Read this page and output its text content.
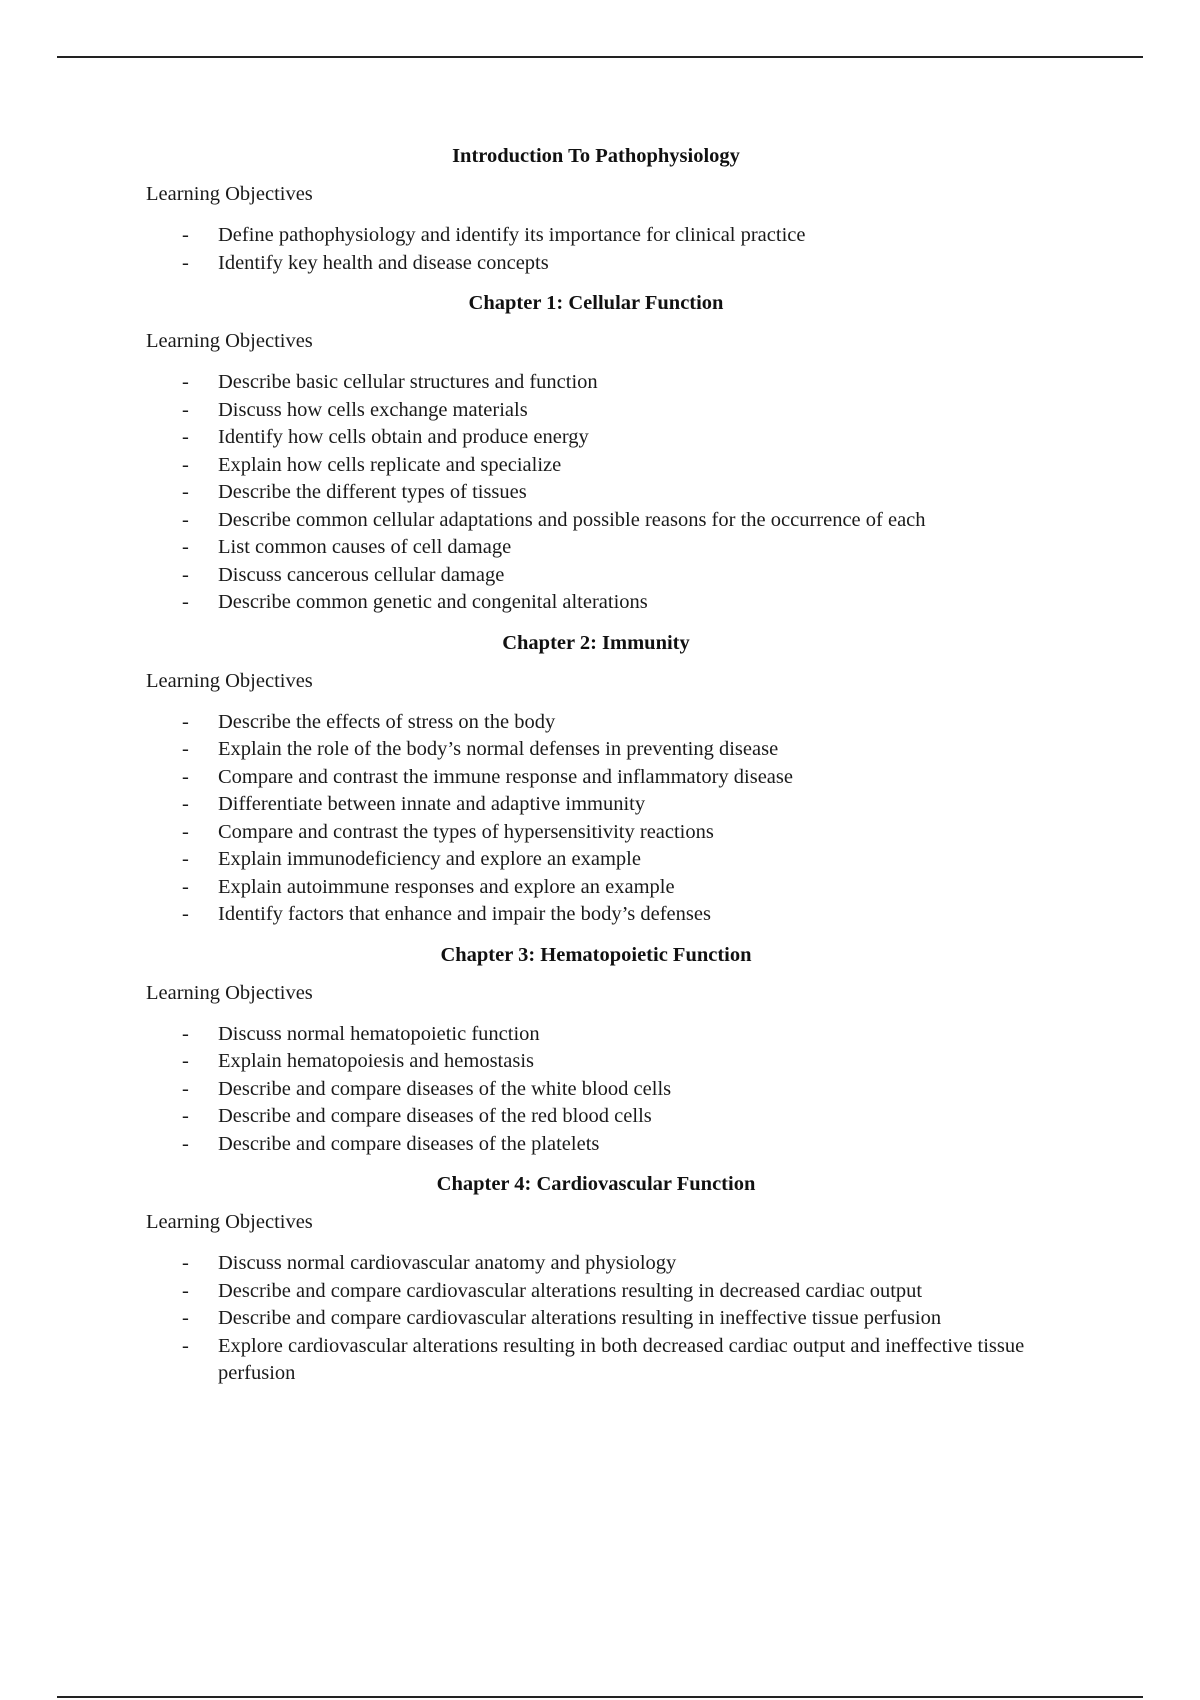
Introduction To Pathophysiology
Learning Objectives
- Define pathophysiology and identify its importance for clinical practice
- Identify key health and disease concepts
Chapter 1: Cellular Function
Learning Objectives
- Describe basic cellular structures and function
- Discuss how cells exchange materials
- Identify how cells obtain and produce energy
- Explain how cells replicate and specialize
- Describe the different types of tissues
- Describe common cellular adaptations and possible reasons for the occurrence of each
- List common causes of cell damage
- Discuss cancerous cellular damage
- Describe common genetic and congenital alterations
Chapter 2: Immunity
Learning Objectives
- Describe the effects of stress on the body
- Explain the role of the body’s normal defenses in preventing disease
- Compare and contrast the immune response and inflammatory disease
- Differentiate between innate and adaptive immunity
- Compare and contrast the types of hypersensitivity reactions
- Explain immunodeficiency and explore an example
- Explain autoimmune responses and explore an example
- Identify factors that enhance and impair the body’s defenses
Chapter 3: Hematopoietic Function
Learning Objectives
- Discuss normal hematopoietic function
- Explain hematopoiesis and hemostasis
- Describe and compare diseases of the white blood cells
- Describe and compare diseases of the red blood cells
- Describe and compare diseases of the platelets
Chapter 4: Cardiovascular Function
Learning Objectives
- Discuss normal cardiovascular anatomy and physiology
- Describe and compare cardiovascular alterations resulting in decreased cardiac output
- Describe and compare cardiovascular alterations resulting in ineffective tissue perfusion
- Explore cardiovascular alterations resulting in both decreased cardiac output and ineffective tissue perfusion
